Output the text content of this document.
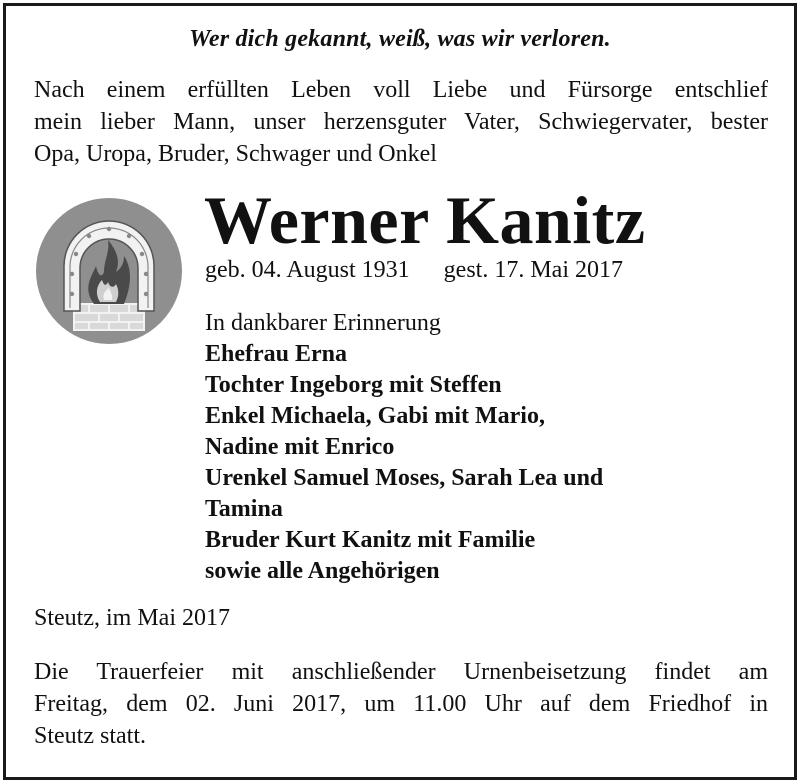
Wer dich gekannt, weiß, was wir verloren.
Nach einem erfüllten Leben voll Liebe und Fürsorge entschlief
mein lieber Mann, unser herzensguter Vater, Schwiegervater, bester
Opa, Uropa, Bruder, Schwager und Onkel
Werner Kanitz
geb. 04. August 1931 gest. 17. Mai 2017
In dankbarer Erinnerung
Ehefrau Erna
Tochter Ingeborg mit Steffen
Enkel Michaela, Gabi mit Mario,
Nadine mit Enrico
Urenkel Samuel Moses, Sarah Lea und
Tamina
Bruder Kurt Kanitz mit Familie
sowie alle Angehörigen
Steutz, im Mai 2017
Die Trauerfeier mit anschließender Urnenbeisetzung findet am
Freitag, dem 02. Juni 2017, um 11.00 Uhr auf dem Friedhof in
Steutz statt.
